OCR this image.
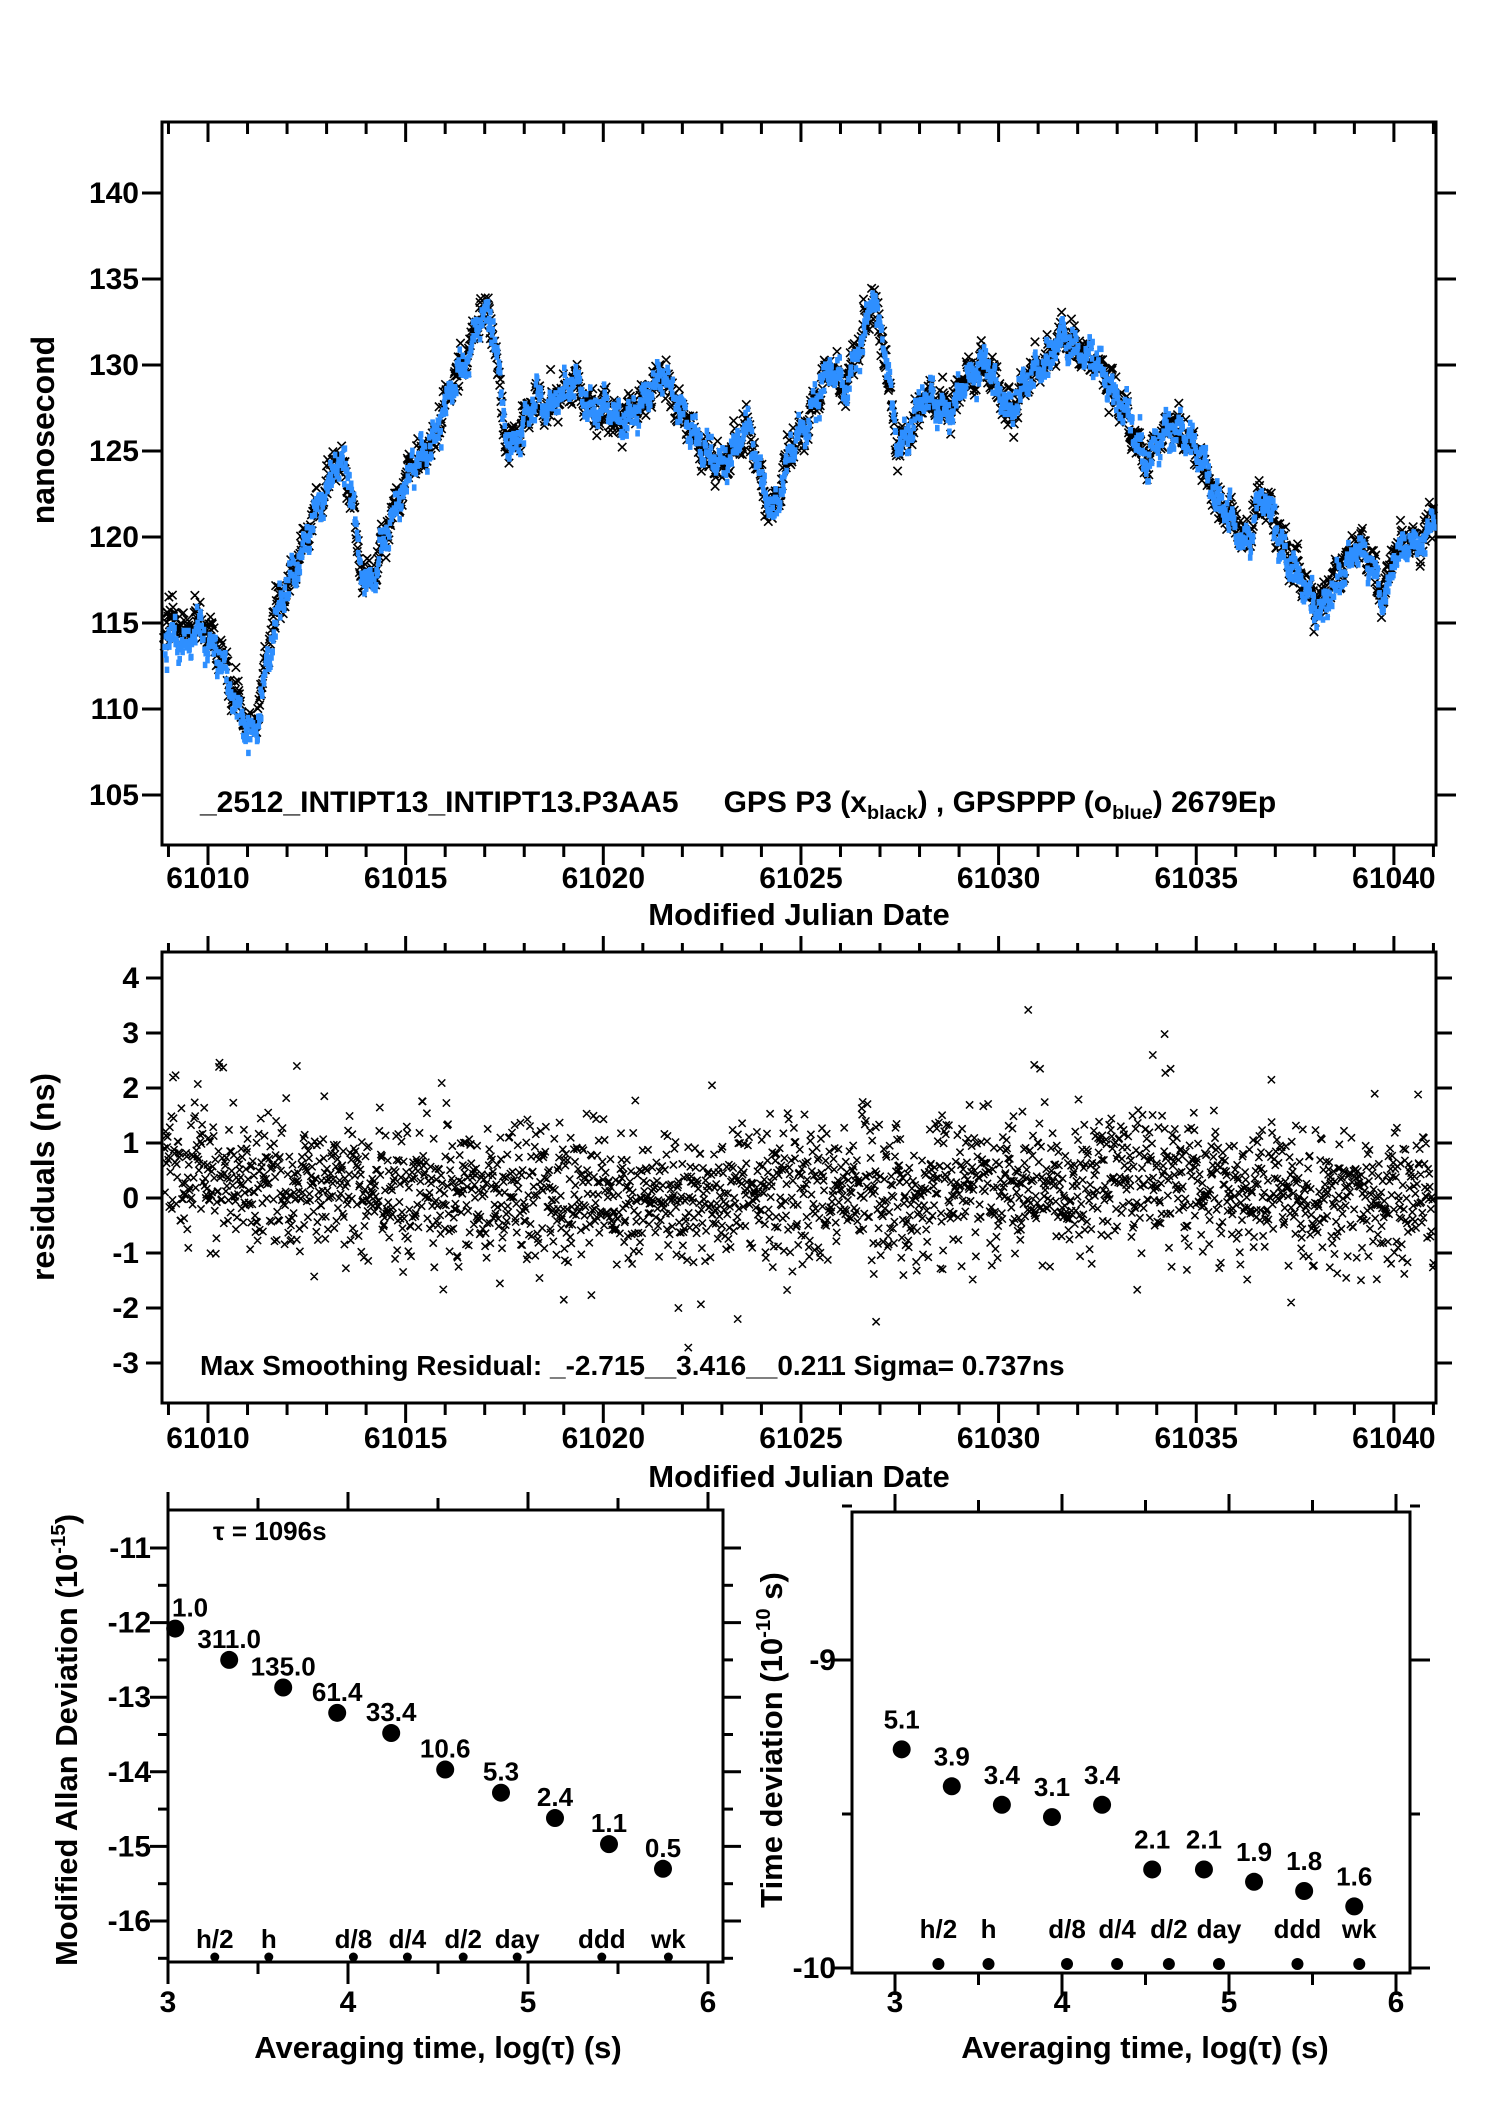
Modified Julian Date
nanosecond
Modified Julian Date
residuals (ns)
Max Smoothing Residual: _-2.715__3.416__0.211 Sigma= 0.737ns
Averaging time, log(τ) (s)
τ = 1096s
Averaging time, log(τ) (s)
61010	61015	61020	61025	61030	61035	61040
105
110
115
120
125
130
135
140
_2512_INTIPT13_INTIPT13.P3AA5 GPS P3 $(x_{black})$ , GPSPPP $(o_{blue})$ 2679Ep
61010	61015	61020	61025	61030	61035	61040
4
3
2
1
0
-1
-2
-3
3	4	5	6
-11
-12
-13
-14
-15
-16
1.0
311.0
135.0
61.4
33.4
10.6
5.3
2.4
1.1
0.5
h/2 h d/8 d/4 d/2 day ddd wk
Modified Allan Deviation $(10^{-15})$
3	4	5	6
-9
-10
5.1
3.9
3.4 3.1 3.4
2.1 2.1 1.9 1.8
1.6
h/2 h d/8 d/4 d/2 day ddd wk
Time deviation ($10^{-10}$ s)
